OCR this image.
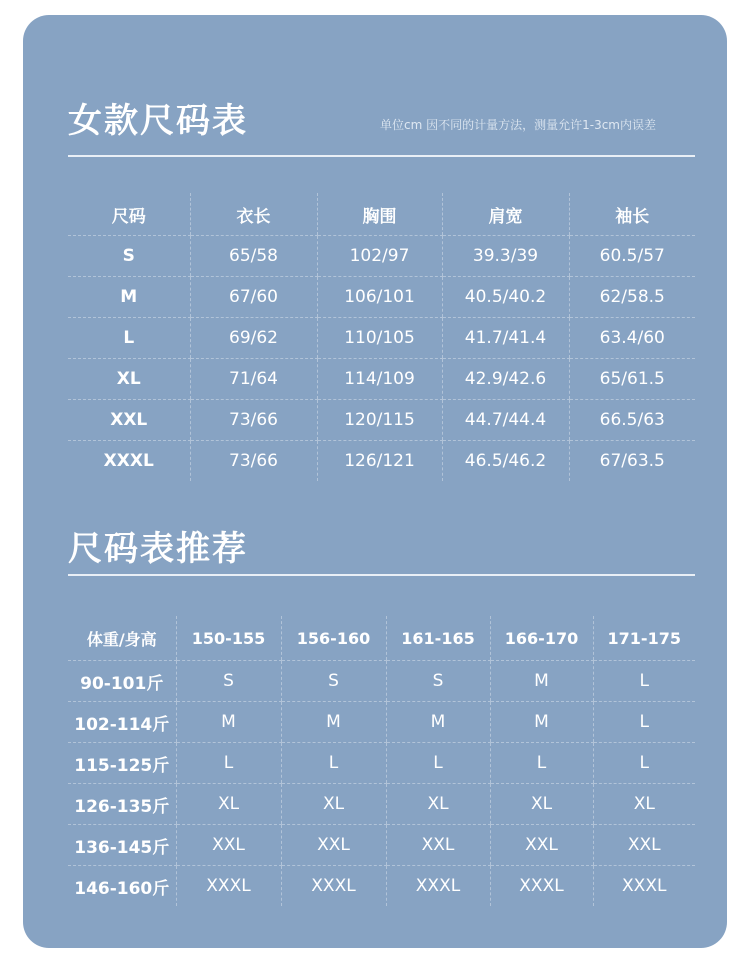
女款尺码表	单位cm 因不同的计量方法，测量允许1-3cm内误差
尺码	衣长	胸围	肩宽	袖长
S	65/58	102/97	39.3/39	60.5/57
M	67/60	106/101	40.5/40.2	62/58.5
L	69/62	110/105	41.7/41.4	63.4/60
XL	71/64	114/109	42.9/42.6	65/61.5
XXL	73/66	120/115	44.7/44.4	66.5/63
XXXL	73/66	126/121	46.5/46.2	67/63.5
尺码表推荐
体重/身高	150-155	156-160	161-165	166-170	171-175
90-101斤	S	S	S	M	L
102-114斤	M	M	M	M	L
115-125斤	L	L	L	L	L
126-135斤	XL	XL	XL	XL	XL
136-145斤	XXL	XXL	XXL	XXL	XXL
146-160斤	XXXL	XXXL	XXXL	XXXL	XXXL
